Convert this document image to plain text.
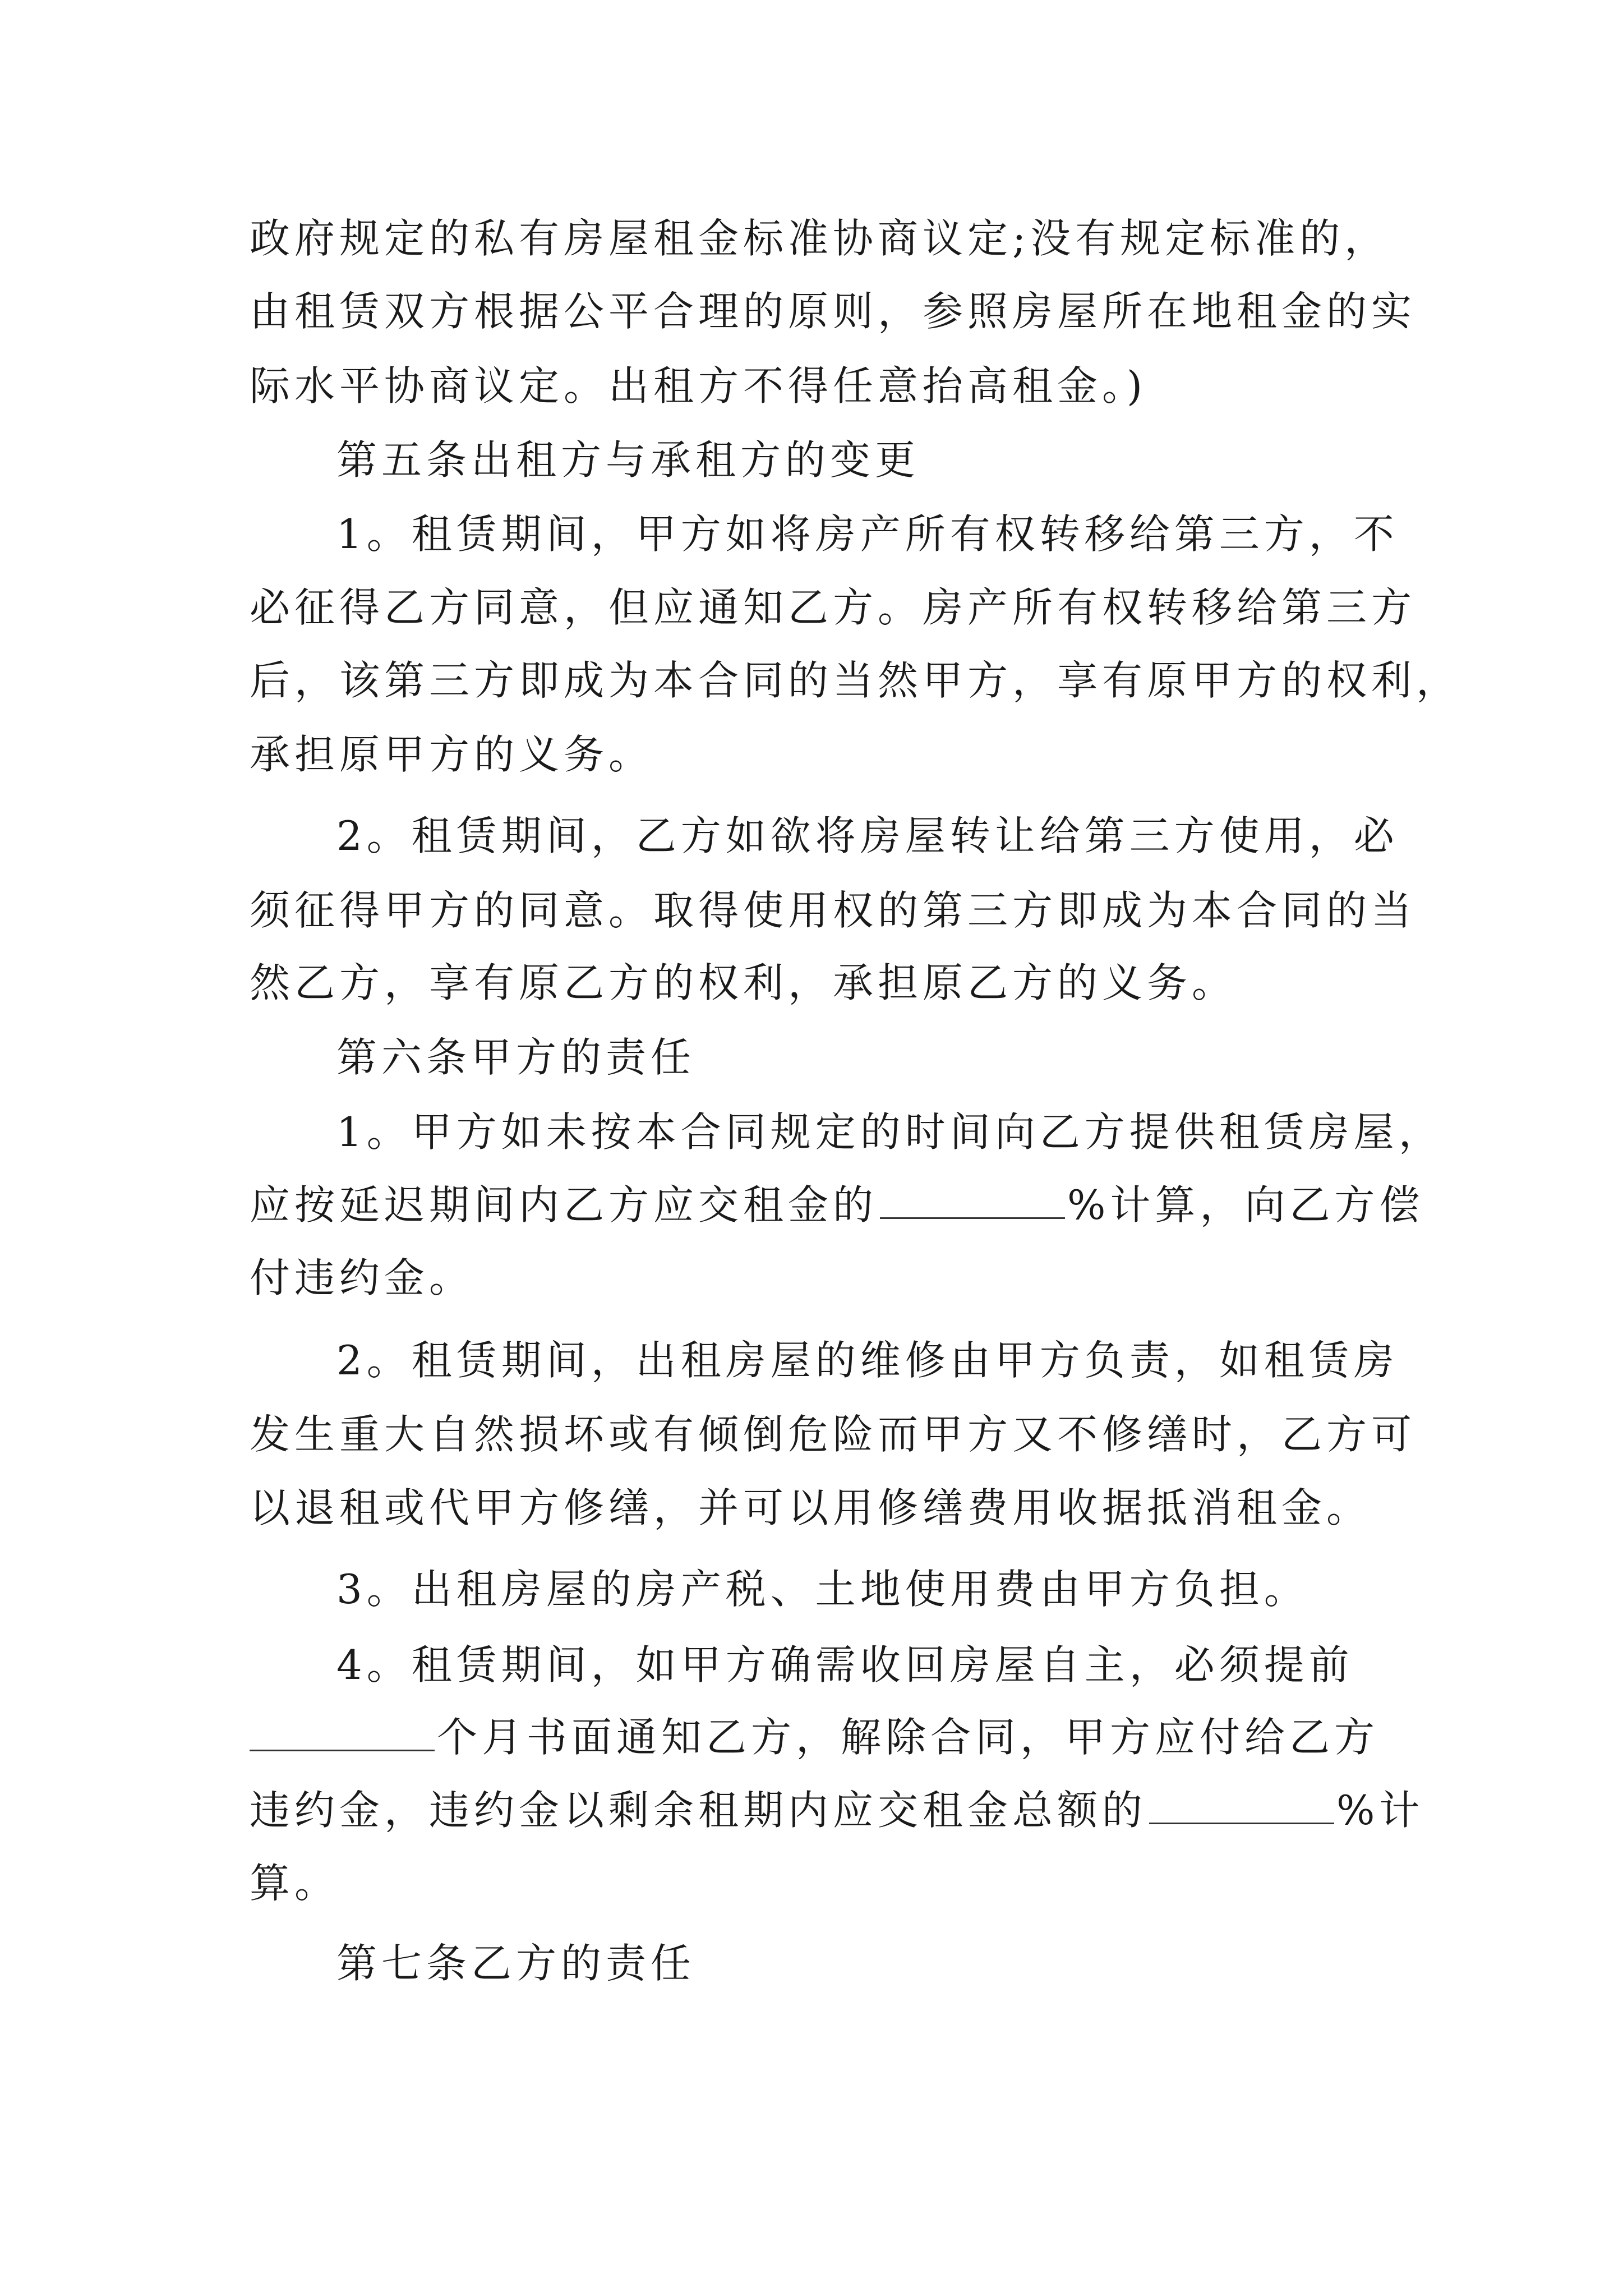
政府规定的私有房屋租金标准协商议定;没有规定标准的，
由租赁双方根据公平合理的原则，参照房屋所在地租金的实
际水平协商议定。出租方不得任意抬高租金。)
第五条出租方与承租方的变更
1。租赁期间，甲方如将房产所有权转移给第三方，不
必征得乙方同意，但应通知乙方。房产所有权转移给第三方
后，该第三方即成为本合同的当然甲方，享有原甲方的权利，
承担原甲方的义务。
2。租赁期间，乙方如欲将房屋转让给第三方使用，必
须征得甲方的同意。取得使用权的第三方即成为本合同的当
然乙方，享有原乙方的权利，承担原乙方的义务。
第六条甲方的责任
1。甲方如未按本合同规定的时间向乙方提供租赁房屋，
应按延迟期间内乙方应交租金的	%计算，向乙方偿
付违约金。
2。租赁期间，出租房屋的维修由甲方负责，如租赁房
发生重大自然损坏或有倾倒危险而甲方又不修缮时，乙方可
以退租或代甲方修缮，并可以用修缮费用收据抵消租金。
3。出租房屋的房产税、土地使用费由甲方负担。
4。租赁期间，如甲方确需收回房屋自主，必须提前
个月书面通知乙方，解除合同，甲方应付给乙方
违约金，违约金以剩余租期内应交租金总额的	%计
算。
第七条乙方的责任
